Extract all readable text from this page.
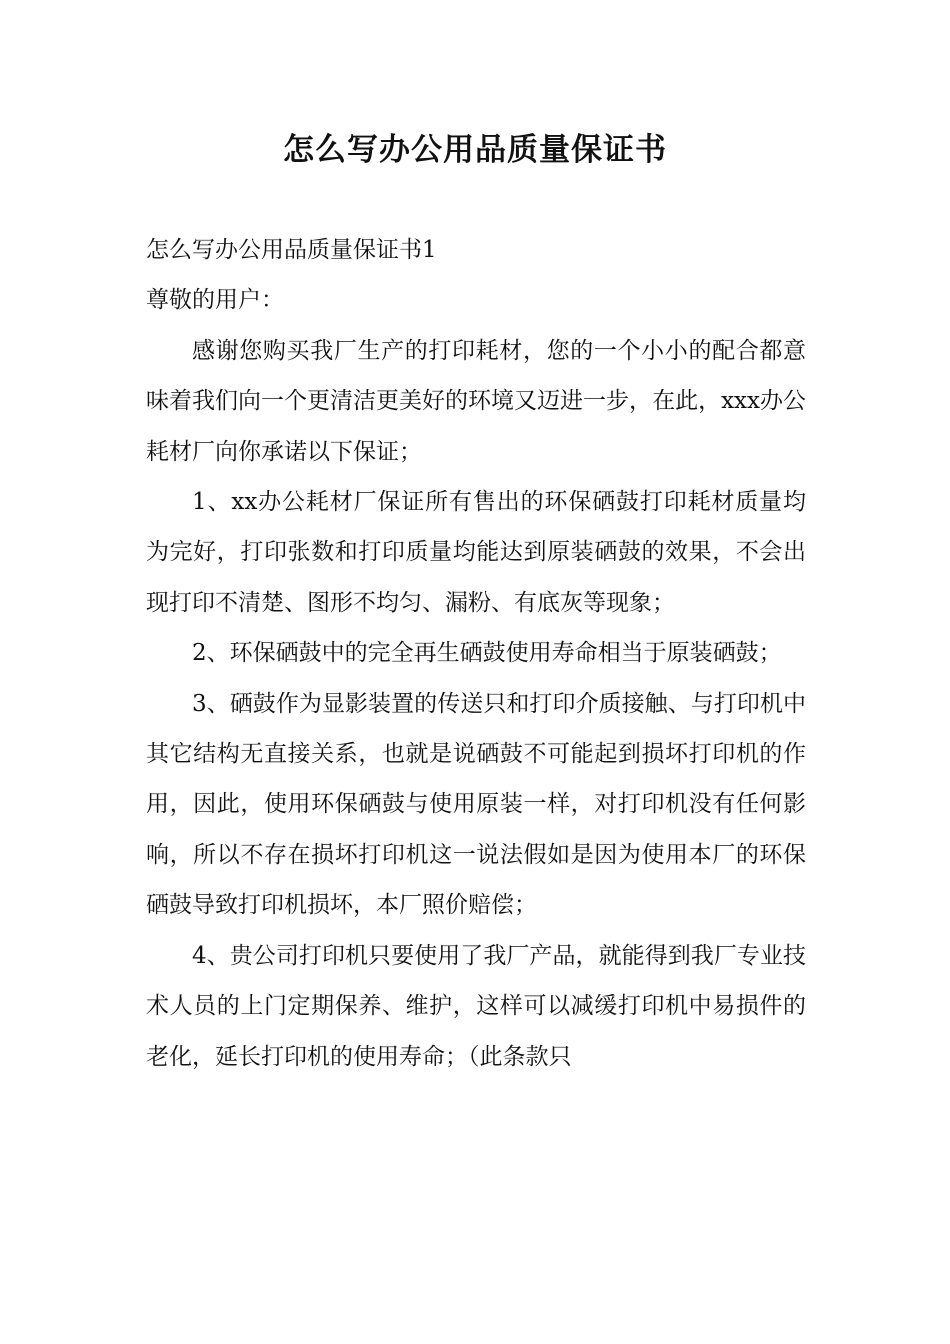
怎么写办公用品质量保证书

怎么写办公用品质量保证书1

尊敬的用户：

感谢您购买我厂生产的打印耗材，您的一个小小的配合都意味着我们向一个更清洁更美好的环境又迈进一步，在此，xxx办公耗材厂向你承诺以下保证；

1、xx办公耗材厂保证所有售出的环保硒鼓打印耗材质量均为完好，打印张数和打印质量均能达到原装硒鼓的效果，不会出现打印不清楚、图形不均匀、漏粉、有底灰等现象；

2、环保硒鼓中的完全再生硒鼓使用寿命相当于原装硒鼓；

3、硒鼓作为显影装置的传送只和打印介质接触、与打印机中其它结构无直接关系，也就是说硒鼓不可能起到损坏打印机的作用，因此，使用环保硒鼓与使用原装一样，对打印机没有任何影响，所以不存在损坏打印机这一说法假如是因为使用本厂的环保硒鼓导致打印机损坏，本厂照价赔偿；

4、贵公司打印机只要使用了我厂产品，就能得到我厂专业技术人员的上门定期保养、维护，这样可以减缓打印机中易损件的老化，延长打印机的使用寿命；（此条款只
